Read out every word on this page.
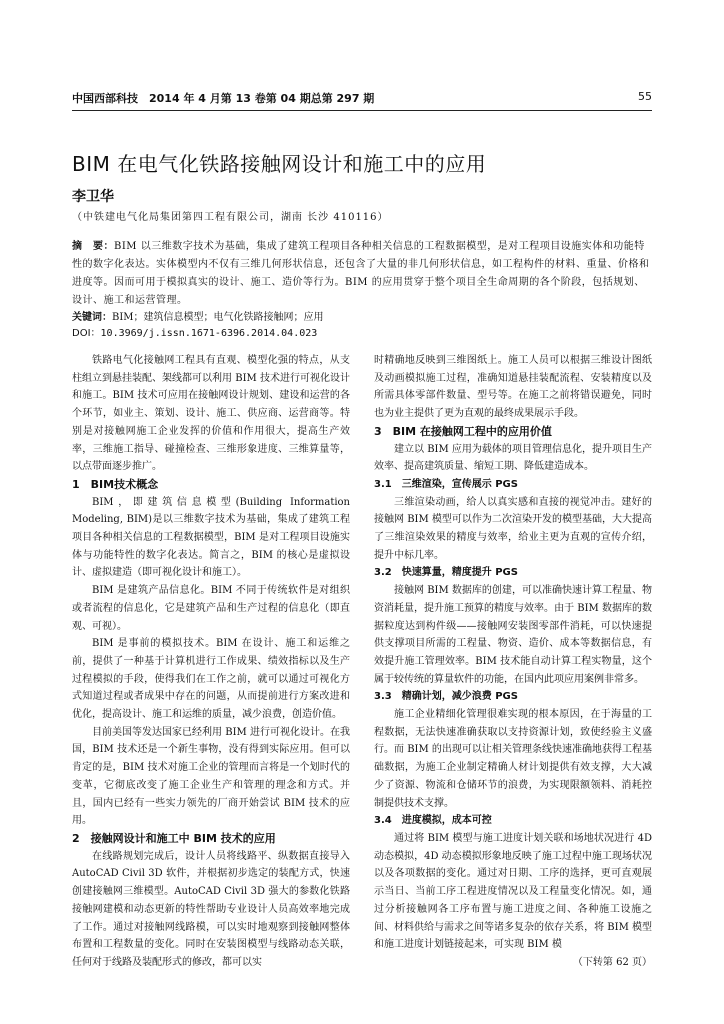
中国西部科技　2014 年 4 月第 13 卷第 04 期总第 297 期	55
BIM 在电气化铁路接触网设计和施工中的应用
李卫华
（中铁建电气化局集团第四工程有限公司，湖南 长沙 410116）
摘　要：BIM 以三维数字技术为基础，集成了建筑工程项目各种相关信息的工程数据模型，是对工程项目设施实体和功能特性的数字化表达。实体模型内不仅有三维几何形状信息，还包含了大量的非几何形状信息，如工程构件的材料、重量、价格和进度等。因而可用于模拟真实的设计、施工、造价等行为。BIM 的应用贯穿于整个项目全生命周期的各个阶段，包括规划、设计、施工和运营管理。
关键词：BIM；建筑信息模型；电气化铁路接触网；应用
DOI：10.3969/j.issn.1671-6396.2014.04.023

铁路电气化接触网工程具有直观、模型化强的特点，从支柱组立到悬挂装配、架线都可以利用 BIM 技术进行可视化设计和施工。BIM 技术可应用在接触网设计规划、建设和运营的各个环节，如业主、策划、设计、施工、供应商、运营商等。特别是对接触网施工企业发挥的价值和作用很大，提高生产效率，三维施工指导、碰撞检查、三维形象进度、三维算量等，以点带面逐步推广。

1　BIM技术概念

BIM，即建筑信息模型(Building Information Modeling, BIM)是以三维数字技术为基础，集成了建筑工程项目各种相关信息的工程数据模型，BIM 是对工程项目设施实体与功能特性的数字化表达。简言之，BIM 的核心是虚拟设计、虚拟建造（即可视化设计和施工）。

BIM 是建筑产品信息化。BIM 不同于传统软件是对组织或者流程的信息化，它是建筑产品和生产过程的信息化（即直观、可视）。

BIM 是事前的模拟技术。BIM 在设计、施工和运维之前，提供了一种基于计算机进行工作成果、绩效指标以及生产过程模拟的手段，使得我们在工作之前，就可以通过可视化方式知道过程或者成果中存在的问题，从而提前进行方案改进和优化，提高设计、施工和运维的质量，减少浪费，创造价值。

目前美国等发达国家已经利用 BIM 进行可视化设计。在我国，BIM 技术还是一个新生事物，没有得到实际应用。但可以肯定的是，BIM 技术对施工企业的管理而言将是一个划时代的变革，它彻底改变了施工企业生产和管理的理念和方式。并且，国内已经有一些实力领先的厂商开始尝试 BIM 技术的应用。

2　接触网设计和施工中 BIM 技术的应用

在线路规划完成后，设计人员将线路平、纵数据直接导入 AutoCAD Civil 3D 软件，并根据初步选定的装配方式，快速创建接触网三维模型。AutoCAD Civil 3D 强大的参数化铁路接触网建模和动态更新的特性帮助专业设计人员高效率地完成了工作。通过对接触网线路模，可以实时地观察到接触网整体布置和工程数量的变化。同时在安装图模型与线路动态关联，任何对于线路及装配形式的修改，都可以实

时精确地反映到三维图纸上。施工人员可以根据三维设计图纸及动画模拟施工过程，准确知道悬挂装配流程、安装精度以及所需具体零部件数量、型号等。在施工之前将错误避免，同时也为业主提供了更为直观的最终成果展示手段。

3　BIM 在接触网工程中的应用价值

建立以 BIM 应用为载体的项目管理信息化，提升项目生产效率、提高建筑质量、缩短工期、降低建造成本。

3.1　三维渲染，宣传展示 PGS

三维渲染动画，给人以真实感和直接的视觉冲击。建好的接触网 BIM 模型可以作为二次渲染开发的模型基础，大大提高了三维渲染效果的精度与效率，给业主更为直观的宣传介绍，提升中标几率。

3.2　快速算量，精度提升 PGS

接触网 BIM 数据库的创建，可以准确快速计算工程量、物资消耗量，提升施工预算的精度与效率。由于 BIM 数据库的数据粒度达到构件级——接触网安装图零部件消耗，可以快速提供支撑项目所需的工程量、物资、造价、成本等数据信息，有效提升施工管理效率。BIM 技术能自动计算工程实物量，这个属于较传统的算量软件的功能，在国内此项应用案例非常多。

3.3　精确计划，减少浪费 PGS

施工企业精细化管理很难实现的根本原因，在于海量的工程数据，无法快速准确获取以支持资源计划，致使经验主义盛行。而 BIM 的出现可以让相关管理条线快速准确地获得工程基础数据，为施工企业制定精确人材计划提供有效支撑，大大减少了资源、物流和仓储环节的浪费，为实现限额领料、消耗控制提供技术支撑。

3.4　进度模拟，成本可控

通过将 BIM 模型与施工进度计划关联和场地状况进行 4D 动态模拟，4D 动态模拟形象地反映了施工过程中施工现场状况以及各项数据的变化。通过对日期、工序的选择，更可直观展示当日、当前工序工程进度情况以及工程量变化情况。如，通过分析接触网各工序布置与施工进度之间、各种施工设施之间、材料供给与需求之间等诸多复杂的依存关系，将 BIM 模型和施工进度计划链接起来，可实现 BIM 模

（下转第 62 页）
